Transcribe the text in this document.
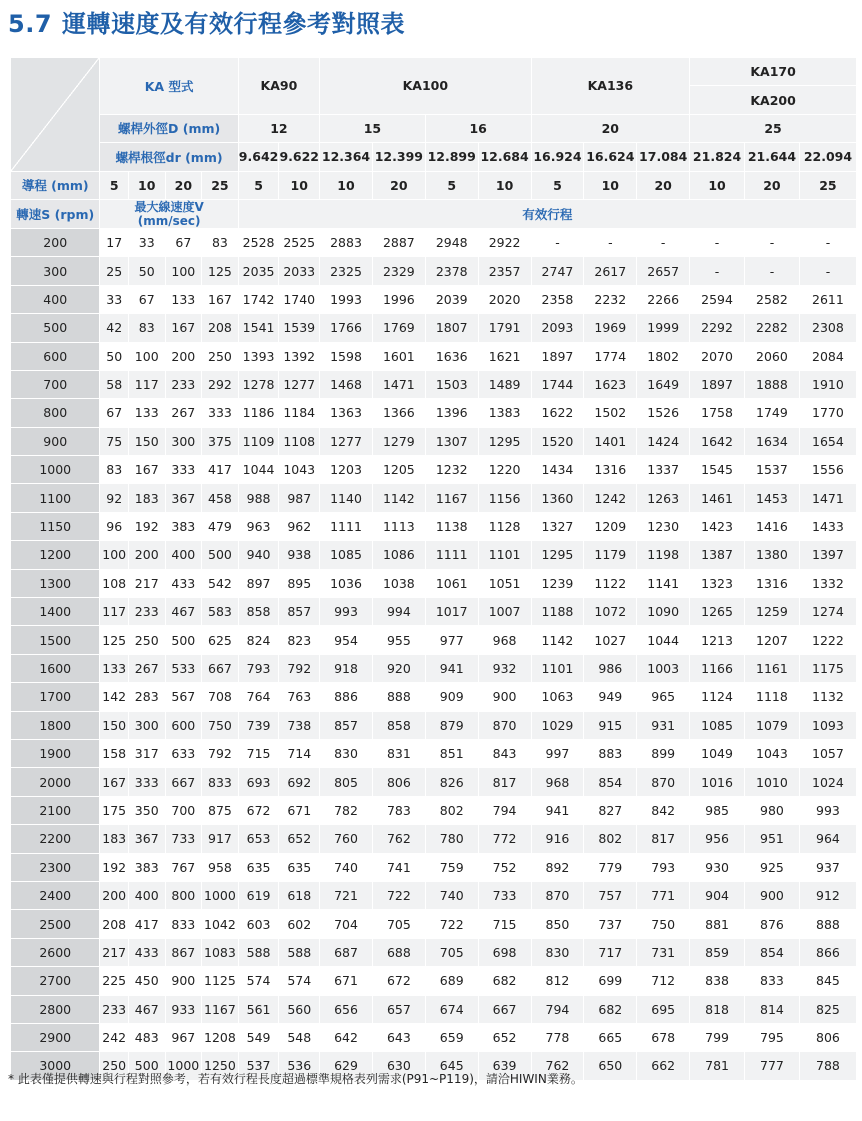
5.7 運轉速度及有效行程參考對照表
	KA 型式				KA90		KA100				KA136			KA170		
														KA200		
	螺桿外徑D (mm)				12		15		16		20			25		
	螺桿根徑dr (mm)				9.642	9.622	12.364	12.399	12.899	12.684	16.924	16.624	17.084	21.824	21.644	22.094
導程 (mm)	5	10	20	25	5	10	10	20	5	10	5	10	20	10	20	25
轉速S (rpm)	最大線速度V
(mm/sec)				有效行程											
200	17	33	67	83	2528	2525	2883	2887	2948	2922	-	-	-	-	-	-
300	25	50	100	125	2035	2033	2325	2329	2378	2357	2747	2617	2657	-	-	-
400	33	67	133	167	1742	1740	1993	1996	2039	2020	2358	2232	2266	2594	2582	2611
500	42	83	167	208	1541	1539	1766	1769	1807	1791	2093	1969	1999	2292	2282	2308
600	50	100	200	250	1393	1392	1598	1601	1636	1621	1897	1774	1802	2070	2060	2084
700	58	117	233	292	1278	1277	1468	1471	1503	1489	1744	1623	1649	1897	1888	1910
800	67	133	267	333	1186	1184	1363	1366	1396	1383	1622	1502	1526	1758	1749	1770
900	75	150	300	375	1109	1108	1277	1279	1307	1295	1520	1401	1424	1642	1634	1654
1000	83	167	333	417	1044	1043	1203	1205	1232	1220	1434	1316	1337	1545	1537	1556
1100	92	183	367	458	988	987	1140	1142	1167	1156	1360	1242	1263	1461	1453	1471
1150	96	192	383	479	963	962	1111	1113	1138	1128	1327	1209	1230	1423	1416	1433
1200	100	200	400	500	940	938	1085	1086	1111	1101	1295	1179	1198	1387	1380	1397
1300	108	217	433	542	897	895	1036	1038	1061	1051	1239	1122	1141	1323	1316	1332
1400	117	233	467	583	858	857	993	994	1017	1007	1188	1072	1090	1265	1259	1274
1500	125	250	500	625	824	823	954	955	977	968	1142	1027	1044	1213	1207	1222
1600	133	267	533	667	793	792	918	920	941	932	1101	986	1003	1166	1161	1175
1700	142	283	567	708	764	763	886	888	909	900	1063	949	965	1124	1118	1132
1800	150	300	600	750	739	738	857	858	879	870	1029	915	931	1085	1079	1093
1900	158	317	633	792	715	714	830	831	851	843	997	883	899	1049	1043	1057
2000	167	333	667	833	693	692	805	806	826	817	968	854	870	1016	1010	1024
2100	175	350	700	875	672	671	782	783	802	794	941	827	842	985	980	993
2200	183	367	733	917	653	652	760	762	780	772	916	802	817	956	951	964
2300	192	383	767	958	635	635	740	741	759	752	892	779	793	930	925	937
2400	200	400	800	1000	619	618	721	722	740	733	870	757	771	904	900	912
2500	208	417	833	1042	603	602	704	705	722	715	850	737	750	881	876	888
2600	217	433	867	1083	588	588	687	688	705	698	830	717	731	859	854	866
2700	225	450	900	1125	574	574	671	672	689	682	812	699	712	838	833	845
2800	233	467	933	1167	561	560	656	657	674	667	794	682	695	818	814	825
2900	242	483	967	1208	549	548	642	643	659	652	778	665	678	799	795	806
3000	250	500	1000	1250	537	536	629	630	645	639	762	650	662	781	777	788
* 此表僅提供轉速與行程對照參考，若有效行程長度超過標準規格表列需求(P91~P119)，請洽HIWIN業務。
